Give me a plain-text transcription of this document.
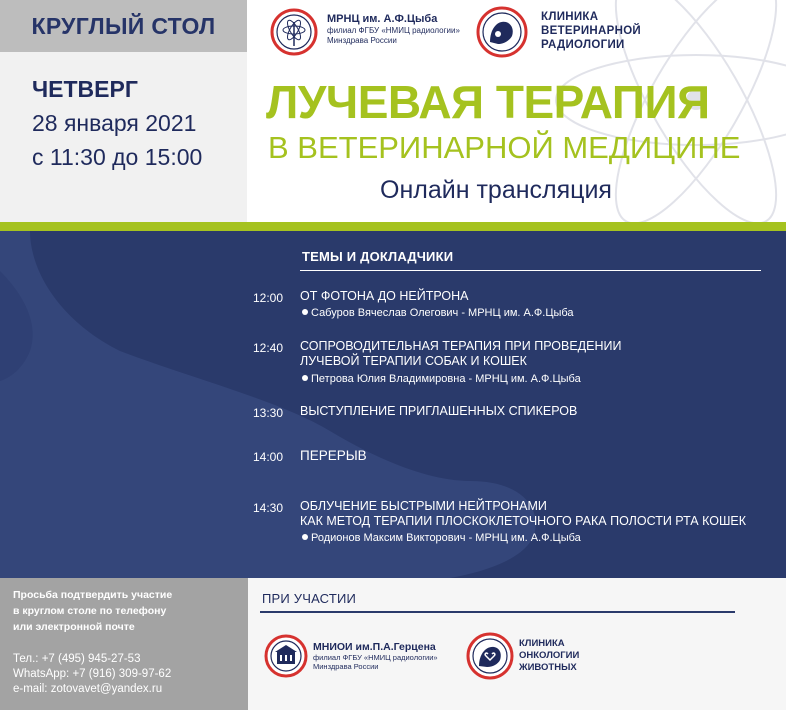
КРУГЛЫЙ СТОЛ
ЧЕТВЕРГ
28 января 2021
с 11:30 до 15:00
МРНЦ им. А.Ф.Цыба
филиал ФГБУ «НМИЦ радиологии»
Минздрава России
КЛИНИКА
ВЕТЕРИНАРНОЙ
РАДИОЛОГИИ
ЛУЧЕВАЯ ТЕРАПИЯ
В ВЕТЕРИНАРНОЙ МЕДИЦИНЕ
Онлайн трансляция
ТЕМЫ И ДОКЛАДЧИКИ
12:00 ОТ ФОТОНА ДО НЕЙТРОНА
Сабуров Вячеслав Олегович - МРНЦ им. А.Ф.Цыба
12:40 СОПРОВОДИТЕЛЬНАЯ ТЕРАПИЯ ПРИ ПРОВЕДЕНИИ
ЛУЧЕВОЙ ТЕРАПИИ СОБАК И КОШЕК
Петрова Юлия Владимировна - МРНЦ им. А.Ф.Цыба
13:30 ВЫСТУПЛЕНИЕ ПРИГЛАШЕННЫХ СПИКЕРОВ
14:00 ПЕРЕРЫВ
14:30 ОБЛУЧЕНИЕ БЫСТРЫМИ НЕЙТРОНАМИ
КАК МЕТОД ТЕРАПИИ ПЛОСКОКЛЕТОЧНОГО РАКА ПОЛОСТИ РТА КОШЕК
Родионов Максим Викторович - МРНЦ им. А.Ф.Цыба
Просьба подтвердить участие
в круглом столе по телефону
или электронной почте
Тел.: +7 (495) 945-27-53
WhatsApp: +7 (916) 309-97-62
e-mail: zotovavet@yandex.ru
ПРИ УЧАСТИИ
МНИОИ им.П.А.Герцена
филиал ФГБУ «НМИЦ радиологии»
Минздрава России
КЛИНИКА
ОНКОЛОГИИ
ЖИВОТНЫХ
